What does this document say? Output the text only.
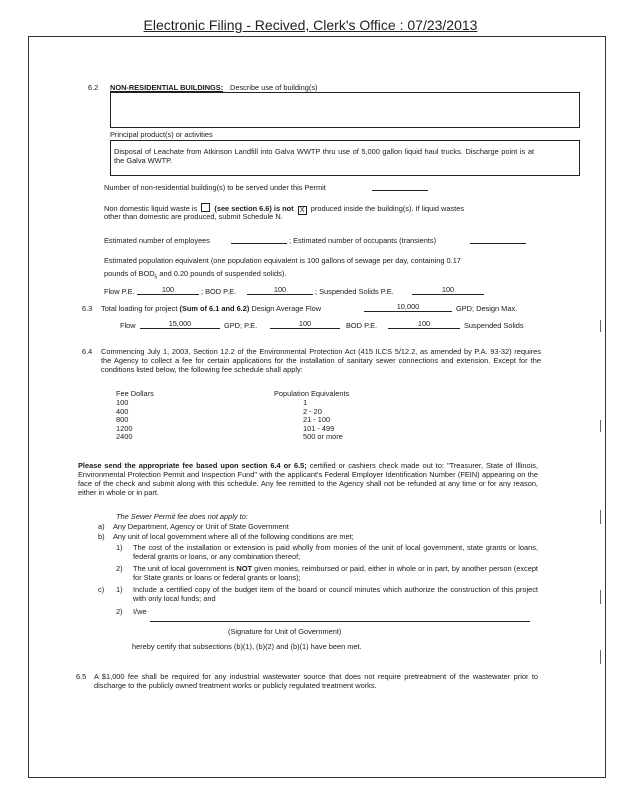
Electronic Filing - Recived, Clerk's Office : 07/23/2013
6.2 NON-RESIDENTIAL BUILDINGS: Describe use of building(s)
Principal product(s) or activities
Disposal of Leachate from Atkinson Landfill into Galva WWTP thru use of 5,000 gallon liquid haul trucks. Discharge point is at the Galva WWTP.
Number of non-residential building(s) to be served under this Permit
Non domestic liquid waste is (see section 6.6) is not X produced inside the building(s). If liquid wastes
other than domestic are produced, submit Schedule N.
Estimated number of employees	; Estimated number of occupants (transients)
Estimated population equivalent (one population equivalent is 100 gallons of sewage per day, containing 0.17
pounds of $BOD_5$ and 0.20 pounds of suspended solids).
Flow P.E.	100	; BOD P.E.	100	; Suspended Solids P.E.	100
6.3 Total loading for project (Sum of 6.1 and 6.2) Design Average Flow	10,000	GPD; Design Max.
Flow	15,000	GPD; P.E.	100	BOD P.E.	100	Suspended Solids
6.4 Commencing July 1, 2003, Section 12.2 of the Environmental Protection Act (415 ILCS 5/12.2, as amended by P.A. 93-32) requires the Agency to collect a fee for certain applications for the installation of sanitary sewer connections and extension. Except for the conditions listed below, the following fee schedule shall apply:
Fee Dollars	Population Equivalents
100	1
400	2 - 20
800	21 - 100
1200	101 - 499
2400	500 or more
Please send the appropriate fee based upon section 6.4 or 6.5; certified or cashiers check made out to: "Treasurer, State of Illinois, Environmental Protection Permit and Inspection Fund" with the applicant's Federal Employer Identification Number (FEIN) appearing on the face of the check and submit along with this schedule. Any fee remitted to the Agency shall not be refunded at any time or for any reason, either in whole or in part.
The Sewer Permit fee does not apply to:
a) Any Department, Agency or Unit of State Government
b) Any unit of local government where all of the following conditions are met;
1) The cost of the installation or extension is paid wholly from monies of the unit of local government, state grants or loans, federal grants or loans, or any combination thereof;
2) The unit of local government is NOT given monies, reimbursed or paid, either in whole or in part, by another person (except for State grants or loans or federal grants or loans);
c) 1) Include a certified copy of the budget item of the board or council minutes which authorize the construction of this project with only local funds; and
2) I/we
(Signature for Unit of Government)
hereby certify that subsections (b)(1), (b)(2) and (b)(1) have been met.
6.5 A $1,000 fee shall be required for any industrial wastewater source that does not require pretreatment of the wastewater prior to discharge to the publicly owned treatment works or publicly regulated treatment works.
